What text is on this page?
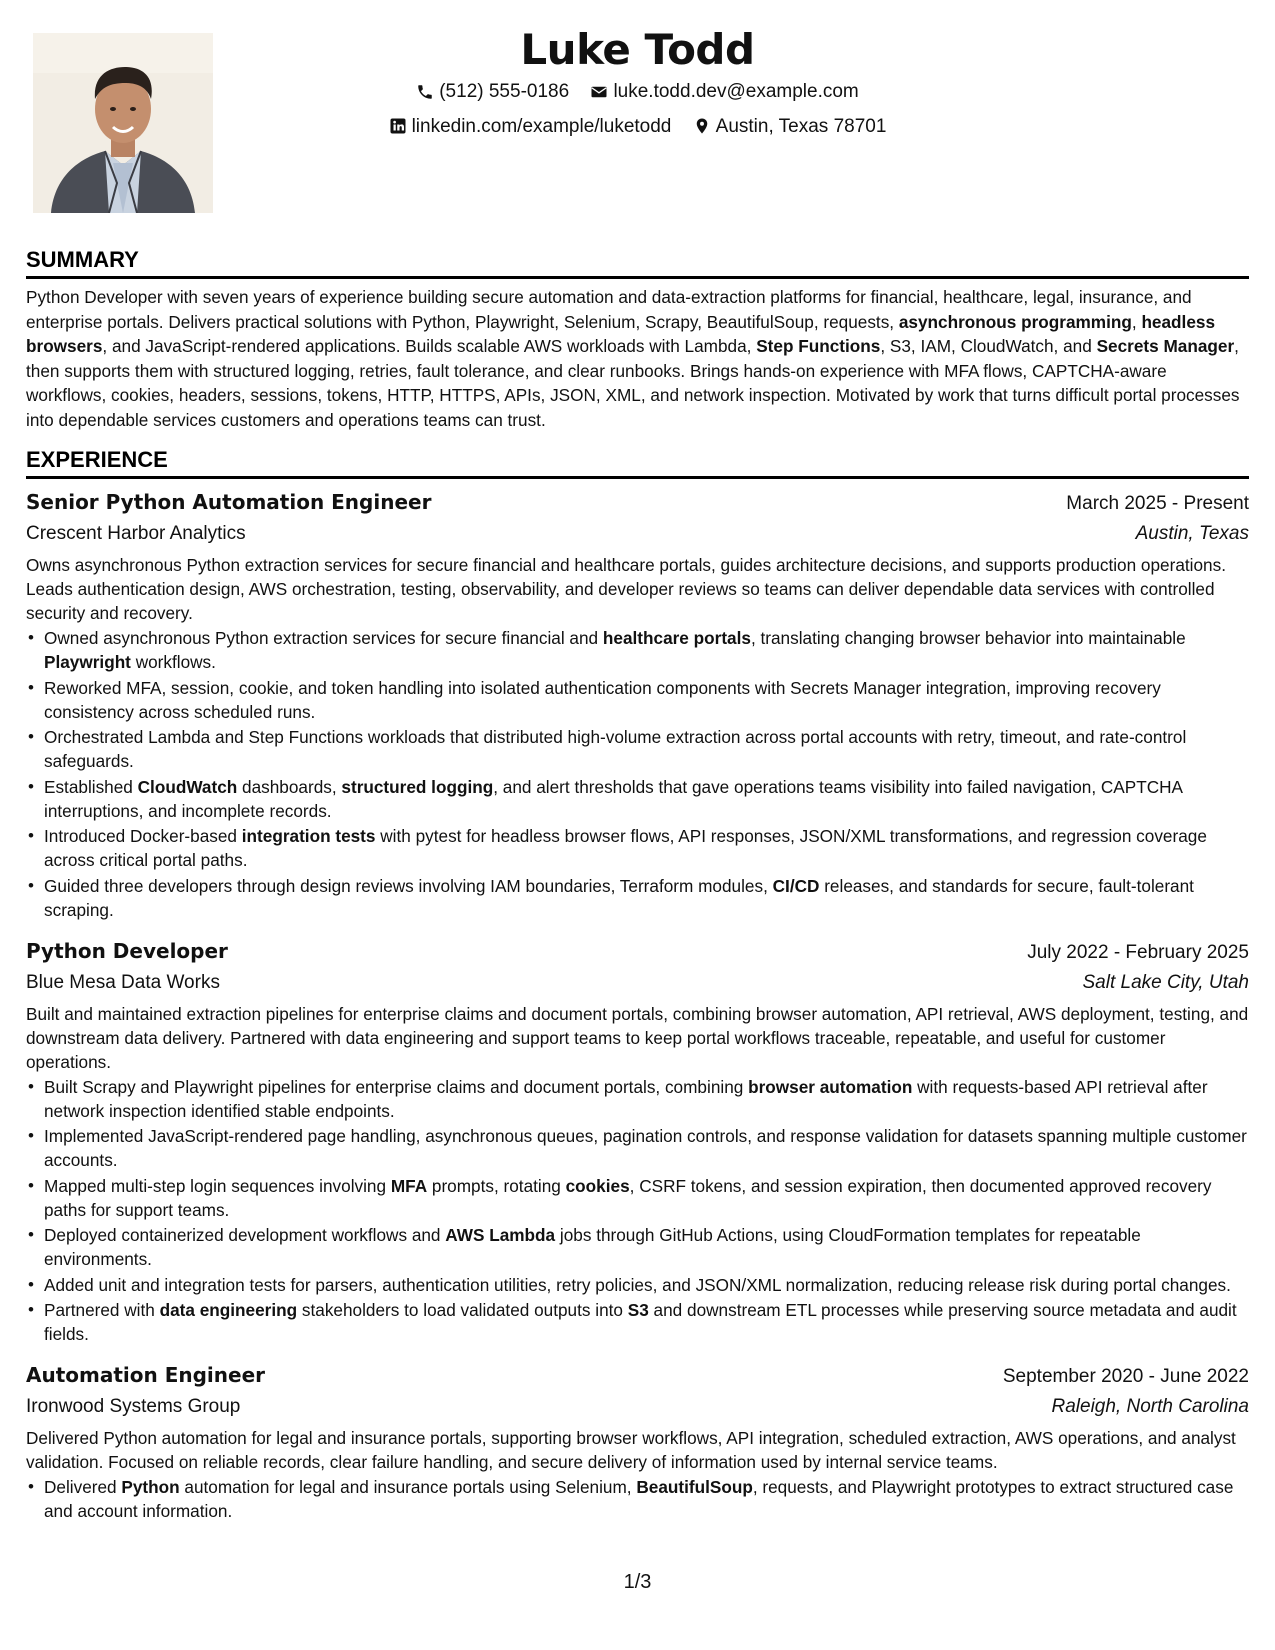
Luke Todd
(512) 555-0186
luke.todd.dev@example.com
linkedin.com/example/luketodd
Austin, Texas 78701
SUMMARY

Python Developer with seven years of experience building secure automation and data-extraction platforms for financial, healthcare, legal, insurance, and enterprise portals. Delivers practical solutions with Python, Playwright, Selenium, Scrapy, BeautifulSoup, requests, asynchronous programming, headless browsers, and JavaScript-rendered applications. Builds scalable AWS workloads with Lambda, Step Functions, S3, IAM, CloudWatch, and Secrets Manager, then supports them with structured logging, retries, fault tolerance, and clear runbooks. Brings hands-on experience with MFA flows, CAPTCHA-aware workflows, cookies, headers, sessions, tokens, HTTP, HTTPS, APIs, JSON, XML, and network inspection. Motivated by work that turns difficult portal processes into dependable services customers and operations teams can trust.

EXPERIENCE
Senior Python Automation Engineer	March 2025 - Present
Crescent Harbor Analytics	Austin, Texas

Owns asynchronous Python extraction services for secure financial and healthcare portals, guides architecture decisions, and supports production operations. Leads authentication design, AWS orchestration, testing, observability, and developer reviews so teams can deliver dependable data services with controlled security and recovery.

• Owned asynchronous Python extraction services for secure financial and healthcare portals, translating changing browser behavior into maintainable Playwright workflows.
• Reworked MFA, session, cookie, and token handling into isolated authentication components with Secrets Manager integration, improving recovery consistency across scheduled runs.
• Orchestrated Lambda and Step Functions workloads that distributed high-volume extraction across portal accounts with retry, timeout, and rate-control safeguards.
• Established CloudWatch dashboards, structured logging, and alert thresholds that gave operations teams visibility into failed navigation, CAPTCHA interruptions, and incomplete records.
• Introduced Docker-based integration tests with pytest for headless browser flows, API responses, JSON/XML transformations, and regression coverage across critical portal paths.
• Guided three developers through design reviews involving IAM boundaries, Terraform modules, CI/CD releases, and standards for secure, fault-tolerant scraping.
Python Developer	July 2022 - February 2025
Blue Mesa Data Works	Salt Lake City, Utah

Built and maintained extraction pipelines for enterprise claims and document portals, combining browser automation, API retrieval, AWS deployment, testing, and downstream data delivery. Partnered with data engineering and support teams to keep portal workflows traceable, repeatable, and useful for customer operations.

• Built Scrapy and Playwright pipelines for enterprise claims and document portals, combining browser automation with requests-based API retrieval after network inspection identified stable endpoints.
• Implemented JavaScript-rendered page handling, asynchronous queues, pagination controls, and response validation for datasets spanning multiple customer accounts.
• Mapped multi-step login sequences involving MFA prompts, rotating cookies, CSRF tokens, and session expiration, then documented approved recovery paths for support teams.
• Deployed containerized development workflows and AWS Lambda jobs through GitHub Actions, using CloudFormation templates for repeatable environments.
• Added unit and integration tests for parsers, authentication utilities, retry policies, and JSON/XML normalization, reducing release risk during portal changes.
• Partnered with data engineering stakeholders to load validated outputs into S3 and downstream ETL processes while preserving source metadata and audit fields.
Automation Engineer	September 2020 - June 2022
Ironwood Systems Group	Raleigh, North Carolina

Delivered Python automation for legal and insurance portals, supporting browser workflows, API integration, scheduled extraction, AWS operations, and analyst validation. Focused on reliable records, clear failure handling, and secure delivery of information used by internal service teams.

• Delivered Python automation for legal and insurance portals using Selenium, BeautifulSoup, requests, and Playwright prototypes to extract structured case and account information.
1/3
